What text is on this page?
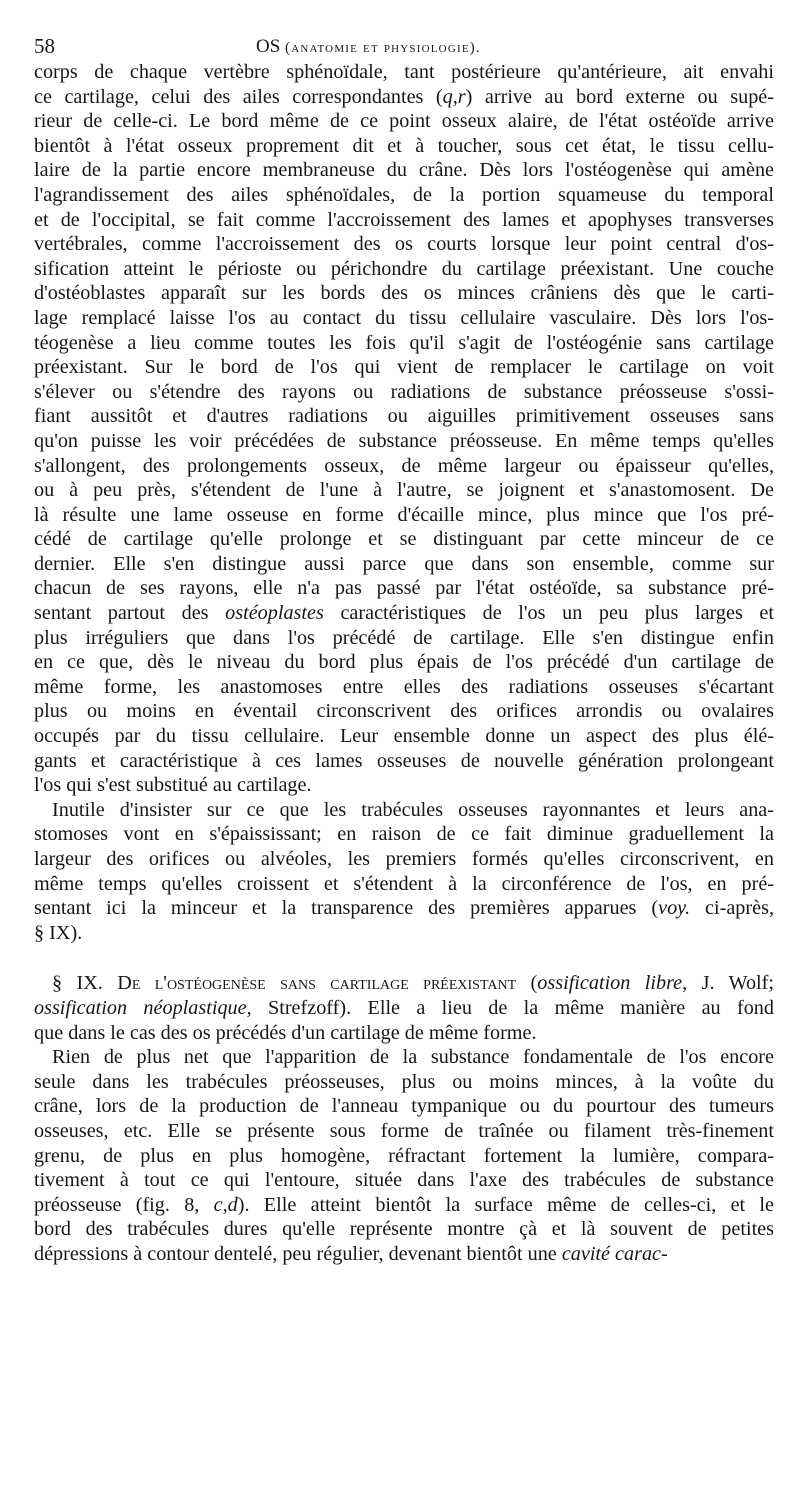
58	OS (anatomie et physiologie).

corps de chaque vertèbre sphénoïdale, tant postérieure qu'antérieure, ait envahi
ce cartilage, celui des ailes correspondantes (q,r) arrive au bord externe ou supé-
rieur de celle-ci. Le bord même de ce point osseux alaire, de l'état ostéoïde arrive
bientôt à l'état osseux proprement dit et à toucher, sous cet état, le tissu cellu-
laire de la partie encore membraneuse du crâne. Dès lors l'ostéogenèse qui amène
l'agrandissement des ailes sphénoïdales, de la portion squameuse du temporal
et de l'occipital, se fait comme l'accroissement des lames et apophyses transverses
vertébrales, comme l'accroissement des os courts lorsque leur point central d'os-
sification atteint le périoste ou périchondre du cartilage préexistant. Une couche
d'ostéoblastes apparaît sur les bords des os minces crâniens dès que le carti-
lage remplacé laisse l'os au contact du tissu cellulaire vasculaire. Dès lors l'os-
téogenèse a lieu comme toutes les fois qu'il s'agit de l'ostéogénie sans cartilage
préexistant. Sur le bord de l'os qui vient de remplacer le cartilage on voit
s'élever ou s'étendre des rayons ou radiations de substance préosseuse s'ossi-
fiant aussitôt et d'autres radiations ou aiguilles primitivement osseuses sans
qu'on puisse les voir précédées de substance préosseuse. En même temps qu'elles
s'allongent, des prolongements osseux, de même largeur ou épaisseur qu'elles,
ou à peu près, s'étendent de l'une à l'autre, se joignent et s'anastomosent. De
là résulte une lame osseuse en forme d'écaille mince, plus mince que l'os pré-
cédé de cartilage qu'elle prolonge et se distinguant par cette minceur de ce
dernier. Elle s'en distingue aussi parce que dans son ensemble, comme sur
chacun de ses rayons, elle n'a pas passé par l'état ostéoïde, sa substance pré-
sentant partout des ostéoplastes caractéristiques de l'os un peu plus larges et
plus irréguliers que dans l'os précédé de cartilage. Elle s'en distingue enfin
en ce que, dès le niveau du bord plus épais de l'os précédé d'un cartilage de
même forme, les anastomoses entre elles des radiations osseuses s'écartant
plus ou moins en éventail circonscrivent des orifices arrondis ou ovalaires
occupés par du tissu cellulaire. Leur ensemble donne un aspect des plus élé-
gants et caractéristique à ces lames osseuses de nouvelle génération prolongeant
l'os qui s'est substitué au cartilage.

Inutile d'insister sur ce que les trabécules osseuses rayonnantes et leurs ana-
stomoses vont en s'épaississant; en raison de ce fait diminue graduellement la
largeur des orifices ou alvéoles, les premiers formés qu'elles circonscrivent, en
même temps qu'elles croissent et s'étendent à la circonférence de l'os, en pré-
sentant ici la minceur et la transparence des premières apparues (voy. ci-après,
§ IX).

§ IX. De l'ostéogenèse sans cartilage préexistant (ossification libre, J. Wolf;
ossification néoplastique, Strefzoff). Elle a lieu de la même manière au fond
que dans le cas des os précédés d'un cartilage de même forme.

Rien de plus net que l'apparition de la substance fondamentale de l'os encore
seule dans les trabécules préosseuses, plus ou moins minces, à la voûte du
crâne, lors de la production de l'anneau tympanique ou du pourtour des tumeurs
osseuses, etc. Elle se présente sous forme de traînée ou filament très-finement
grenu, de plus en plus homogène, réfractant fortement la lumière, compara-
tivement à tout ce qui l'entoure, située dans l'axe des trabécules de substance
préosseuse (fig. 8, c,d). Elle atteint bientôt la surface même de celles-ci, et le
bord des trabécules dures qu'elle représente montre çà et là souvent de petites
dépressions à contour dentelé, peu régulier, devenant bientôt une cavité carac-
